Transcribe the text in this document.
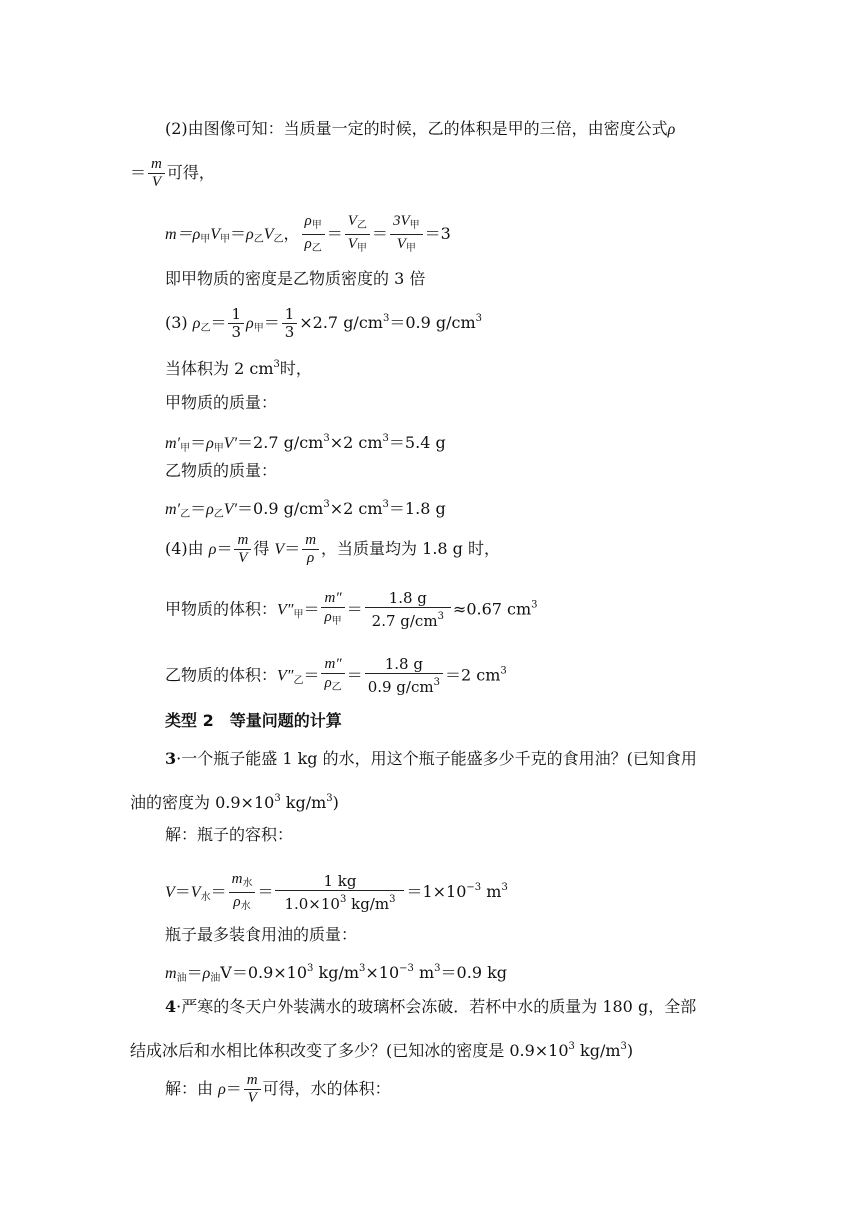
(2)由图像可知：当质量一定的时候，乙的体积是甲的三倍，由密度公式ρ
＝ $\frac{m}{V}$ 可得，
m＝ρ甲V甲＝ρ乙V乙， $\frac{\rho_甲}{\rho_乙} = \frac{V_乙}{V_甲} = \frac{3V_甲}{V_甲} =3$
即甲物质的密度是乙物质密度的 3 倍
(3) ρ乙＝ $\frac{1}{3}$ ρ甲＝ $\frac{1}{3} \times 2.7$ $g/cm^3=0.9$ $g/cm^3$
当体积为 2 $cm^3$时，
甲物质的质量：
m′甲＝ρ甲V′＝2.7 $g/cm^3\times 2$ $cm^3=5.4$ g
乙物质的质量：
m′乙＝ρ乙V′＝0.9 $g/cm^3\times 2$ $cm^3=1.8$ g
(4)由 $\rho= \frac{m}{V}$ 得 $V= \frac{m}{\rho}$ ，当质量均为 1.8 g 时，
甲物质的体积：V″甲＝ $\frac{m''}{\rho_甲} = \frac{1.8 g}{2.7 g/cm^3} \approx 0.67$ $cm^3$
乙物质的体积：V″乙＝ $\frac{m''}{\rho_乙} = \frac{1.8 g}{0.9 g/cm^3} =2$ $cm^3$
类型 2 等量问题的计算
3·一个瓶子能盛 1 kg 的水，用这个瓶子能盛多少千克的食用油？(已知食用
油的密度为 $0.9\times 10^3$ $kg/m^3$)
解：瓶子的容积：
V＝V水＝ $\frac{m_水}{\rho_水} = \frac{1 kg}{1.0\times 10^3 kg/m^3} =1\times 10^{-3}$ $m^3$
瓶子最多装食用油的质量：
m油＝ρ油$V=0.9\times 10^3$ $kg/m^3\times 10^{-3}$ $m^3=0.9$ kg
4·严寒的冬天户外装满水的玻璃杯会冻破．若杯中水的质量为 180 g，全部
结成冰后和水相比体积改变了多少？(已知冰的密度是 $0.9\times 10^3$ $kg/m^3$)
解：由 $\rho= \frac{m}{V}$ 可得，水的体积：
